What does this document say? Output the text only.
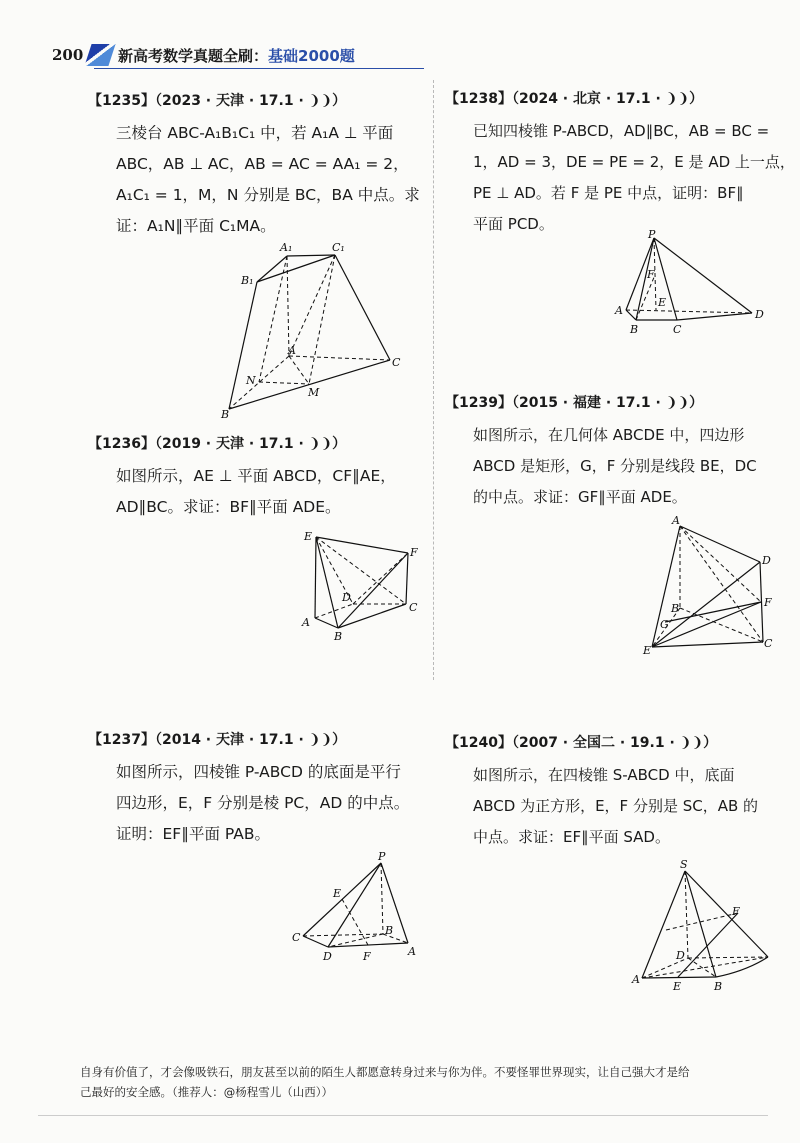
200 新高考数学真题全刷：基础2000题
【1235】（2023 · 天津 · 17.1 · ❩❩）
三棱台 ABC-A₁B₁C₁ 中，若 A₁A ⊥ 平面
ABC，AB ⊥ AC，AB = AC = AA₁ = 2，
A₁C₁ = 1，M，N 分别是 BC，BA 中点。求
证：A₁N∥平面 C₁MA。
A₁	C₁
B₁
A
C
N
M
B
【1236】（2019 · 天津 · 17.1 · ❩❩）
如图所示，AE ⊥ 平面 ABCD，CF∥AE，
AD∥BC。求证：BF∥平面 ADE。
E
F
D
C
A
B
【1237】（2014 · 天津 · 17.1 · ❩❩）
如图所示，四棱锥 P-ABCD 的底面是平行
四边形，E，F 分别是棱 PC，AD 的中点。
证明：EF∥平面 PAB。
P
E
C
B
D	F	A
【1238】（2024 · 北京 · 17.1 · ❩❩）
已知四棱锥 P-ABCD，AD∥BC，AB = BC =
1，AD = 3，DE = PE = 2，E 是 AD 上一点，
PE ⊥ AD。若 F 是 PE 中点，证明：BF∥
平面 PCD。
P
F
E
A
B	C
D
【1239】（2015 · 福建 · 17.1 · ❩❩）
如图所示，在几何体 ABCDE 中，四边形
ABCD 是矩形，G，F 分别是线段 BE，DC
的中点。求证：GF∥平面 ADE。
A
D
F
B
G
E
C
【1240】（2007 · 全国二 · 19.1 · ❩❩）
如图所示，在四棱锥 S-ABCD 中，底面
ABCD 为正方形，E，F 分别是 SC，AB 的
中点。求证：EF∥平面 SAD。
S
F
D
A
E	B
自身有价值了，才会像吸铁石，朋友甚至以前的陌生人都愿意转身过来与你为伴。不要怪罪世界现实，让自己强大才是给
己最好的安全感。（推荐人：@杨程雪儿（山西））
